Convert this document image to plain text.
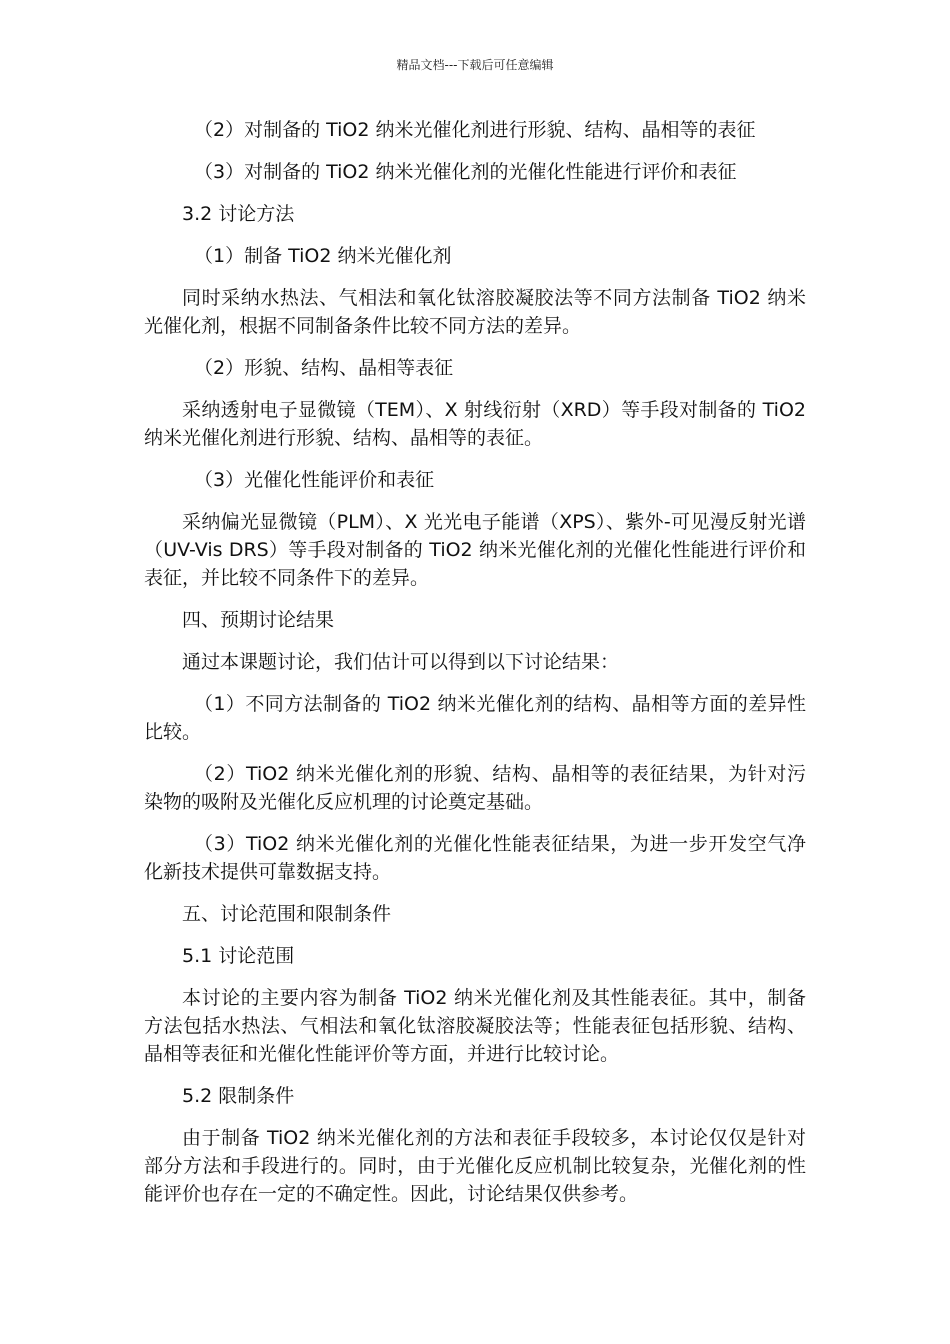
精品文档---下载后可任意编辑

（2）对制备的 TiO2 纳米光催化剂进行形貌、结构、晶相等的表征

（3）对制备的 TiO2 纳米光催化剂的光催化性能进行评价和表征

3.2 讨论方法

（1）制备 TiO2 纳米光催化剂

同时采纳水热法、气相法和氧化钛溶胶凝胶法等不同方法制备 TiO2 纳米光催化剂，根据不同制备条件比较不同方法的差异。

（2）形貌、结构、晶相等表征

采纳透射电子显微镜（TEM）、X 射线衍射（XRD）等手段对制备的 TiO2 纳米光催化剂进行形貌、结构、晶相等的表征。

（3）光催化性能评价和表征

采纳偏光显微镜（PLM）、X 光光电子能谱（XPS）、紫外-可见漫反射光谱（UV-Vis DRS）等手段对制备的 TiO2 纳米光催化剂的光催化性能进行评价和表征，并比较不同条件下的差异。

四、预期讨论结果

通过本课题讨论，我们估计可以得到以下讨论结果：

（1）不同方法制备的 TiO2 纳米光催化剂的结构、晶相等方面的差异性比较。

（2）TiO2 纳米光催化剂的形貌、结构、晶相等的表征结果，为针对污染物的吸附及光催化反应机理的讨论奠定基础。

（3）TiO2 纳米光催化剂的光催化性能表征结果，为进一步开发空气净化新技术提供可靠数据支持。

五、讨论范围和限制条件

5.1 讨论范围

本讨论的主要内容为制备 TiO2 纳米光催化剂及其性能表征。其中，制备方法包括水热法、气相法和氧化钛溶胶凝胶法等；性能表征包括形貌、结构、晶相等表征和光催化性能评价等方面，并进行比较讨论。

5.2 限制条件

由于制备 TiO2 纳米光催化剂的方法和表征手段较多，本讨论仅仅是针对部分方法和手段进行的。同时，由于光催化反应机制比较复杂，光催化剂的性能评价也存在一定的不确定性。因此，讨论结果仅供参考。
